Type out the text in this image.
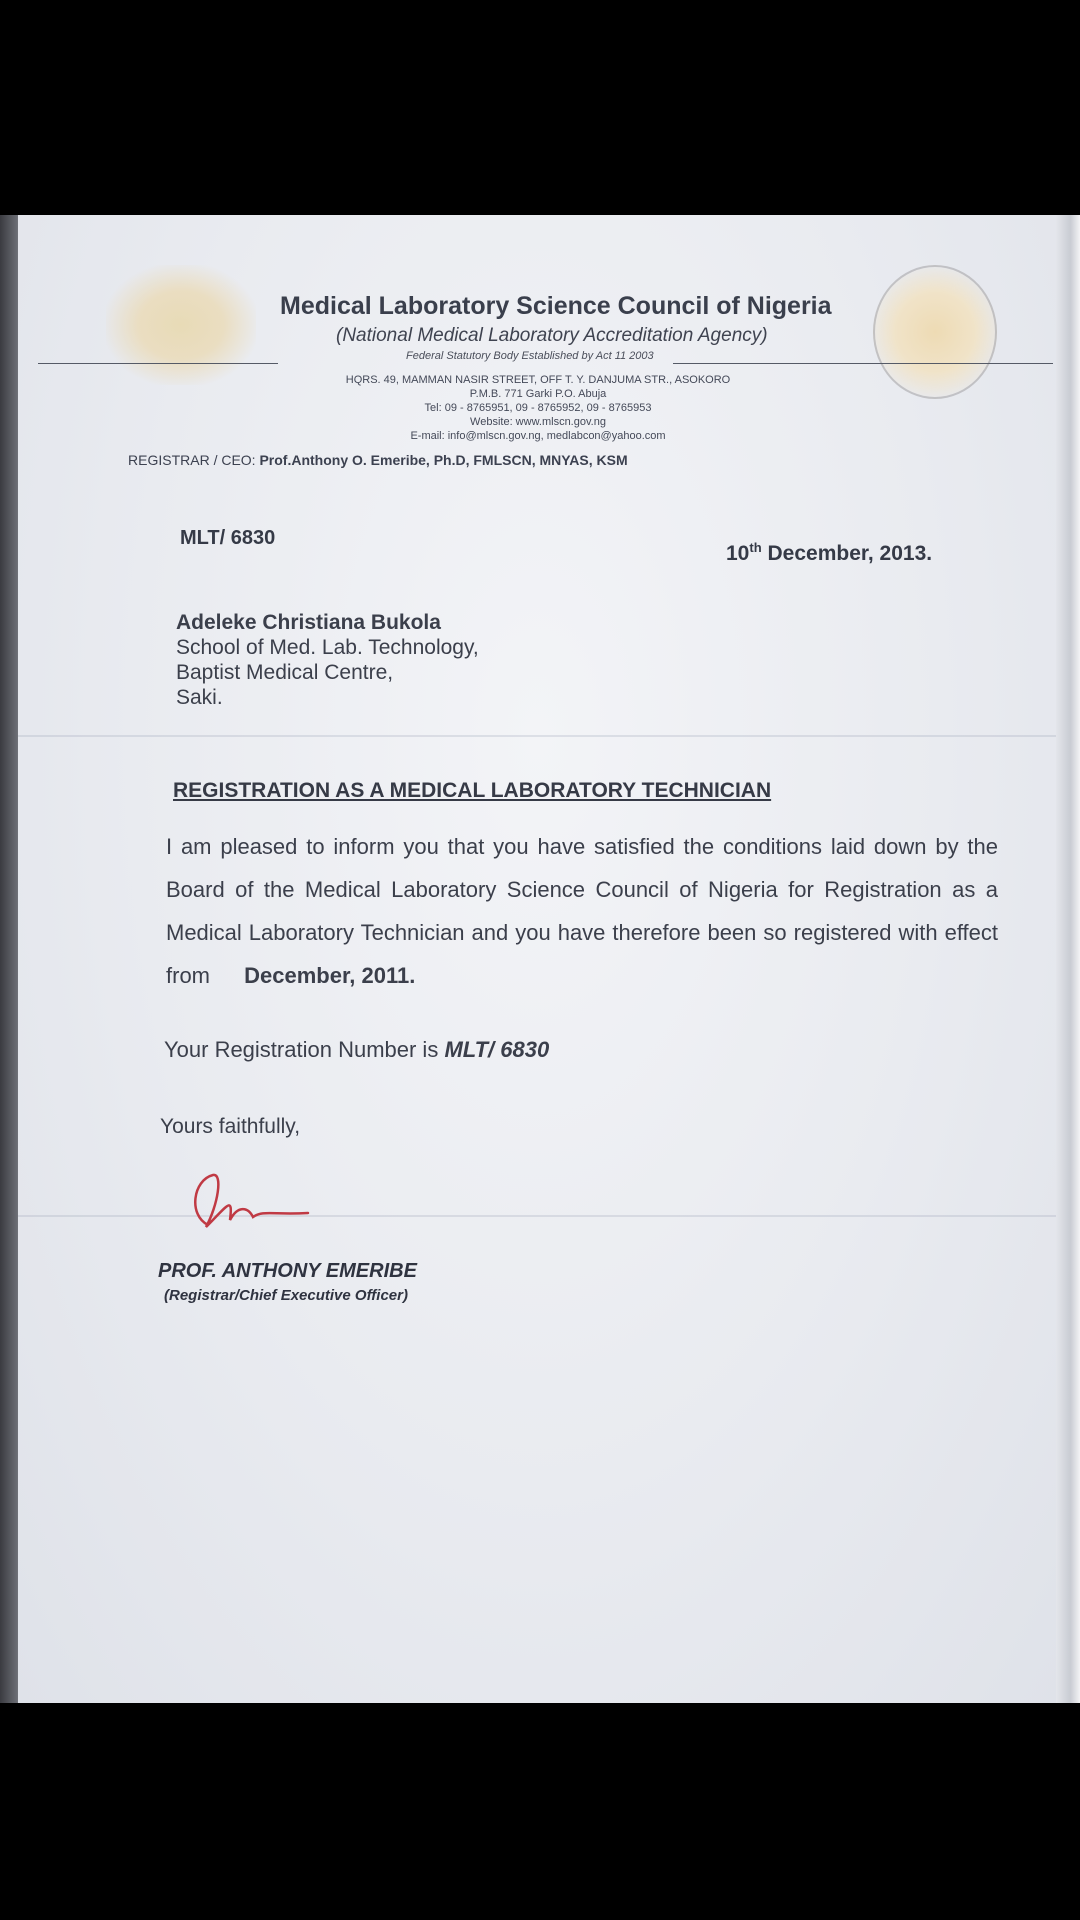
Medical Laboratory Science Council of Nigeria
(National Medical Laboratory Accreditation Agency)
Federal Statutory Body Established by Act 11 2003
HQRS. 49, MAMMAN NASIR STREET, OFF T. Y. DANJUMA STR., ASOKORO
P.M.B. 771 Garki P.O. Abuja
Tel: 09 - 8765951, 09 - 8765952, 09 - 8765953
Website: www.mlscn.gov.ng
E-mail: info@mlscn.gov.ng, medlabcon@yahoo.com
REGISTRAR / CEO: Prof.Anthony O. Emeribe, Ph.D, FMLSCN, MNYAS, KSM
MLT/ 6830
10th December, 2013.
Adeleke Christiana Bukola
School of Med. Lab. Technology,
Baptist Medical Centre,
Saki.
REGISTRATION AS A MEDICAL LABORATORY TECHNICIAN
I am pleased to inform you that you have satisfied the conditions laid down by the Board of the Medical Laboratory Science Council of Nigeria for Registration as a Medical Laboratory Technician and you have therefore been so registered with effect from December, 2011.
Your Registration Number is MLT/ 6830
Yours faithfully,
PROF. ANTHONY EMERIBE
(Registrar/Chief Executive Officer)
